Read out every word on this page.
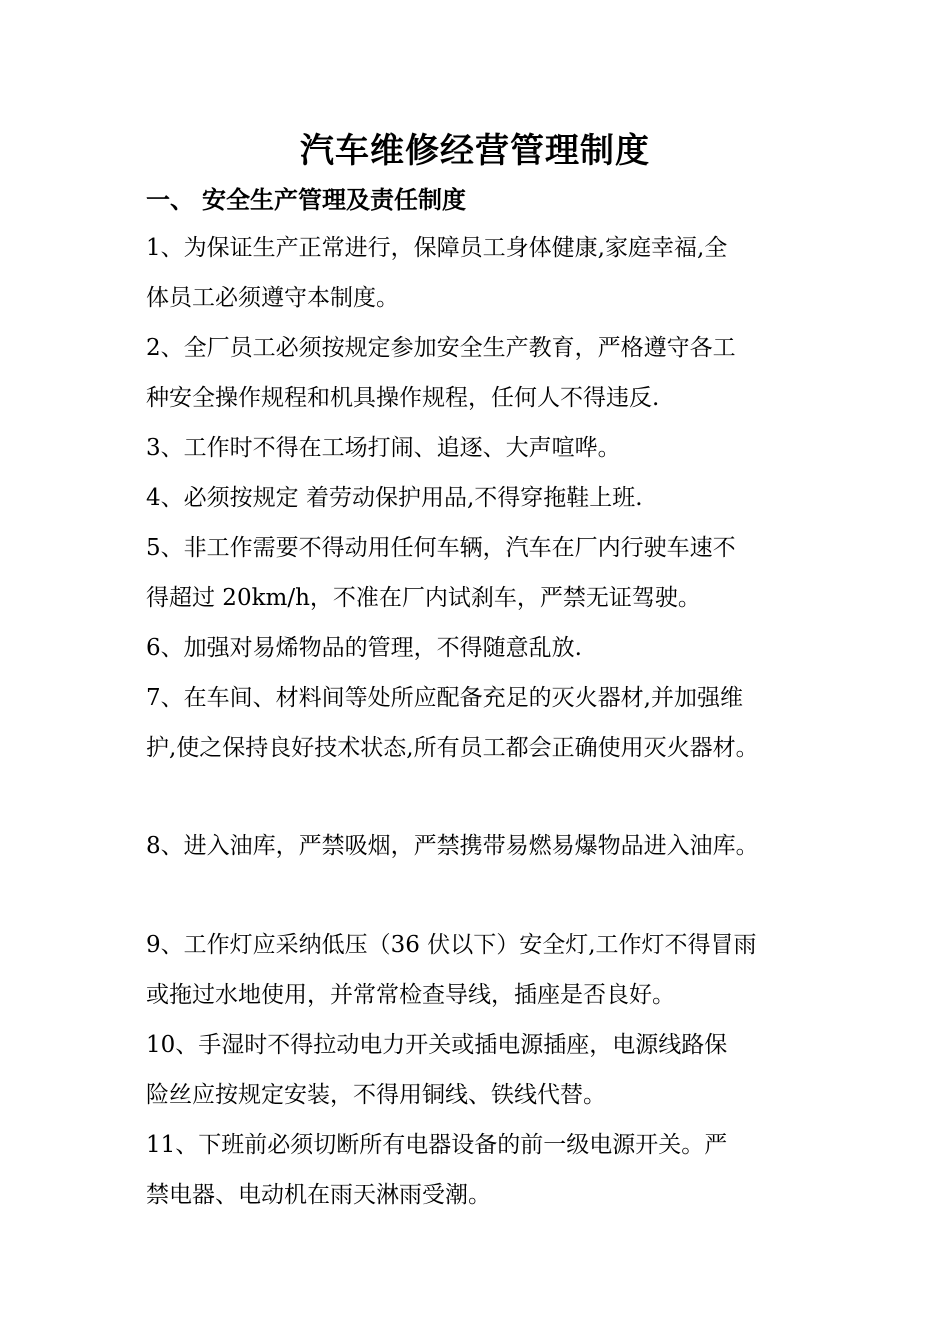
汽车维修经营管理制度
一、 安全生产管理及责任制度
1、为保证生产正常进行，保障员工身体健康,家庭幸福,全
体员工必须遵守本制度。
2、全厂员工必须按规定参加安全生产教育，严格遵守各工
种安全操作规程和机具操作规程，任何人不得违反.
3、工作时不得在工场打闹、追逐、大声喧哗。
4、必须按规定 着劳动保护用品,不得穿拖鞋上班.
5、非工作需要不得动用任何车辆，汽车在厂内行驶车速不
得超过 20km/h，不准在厂内试刹车，严禁无证驾驶。
6、加强对易烯物品的管理，不得随意乱放.
7、在车间、材料间等处所应配备充足的灭火器材,并加强维
护,使之保持良好技术状态,所有员工都会正确使用灭火器材。
8、进入油库，严禁吸烟，严禁携带易燃易爆物品进入油库。
9、工作灯应采纳低压（36 伏以下）安全灯,工作灯不得冒雨
或拖过水地使用，并常常检查导线，插座是否良好。
10、手湿时不得拉动电力开关或插电源插座，电源线路保
险丝应按规定安装，不得用铜线、铁线代替。
11、下班前必须切断所有电器设备的前一级电源开关。严
禁电器、电动机在雨天淋雨受潮。
